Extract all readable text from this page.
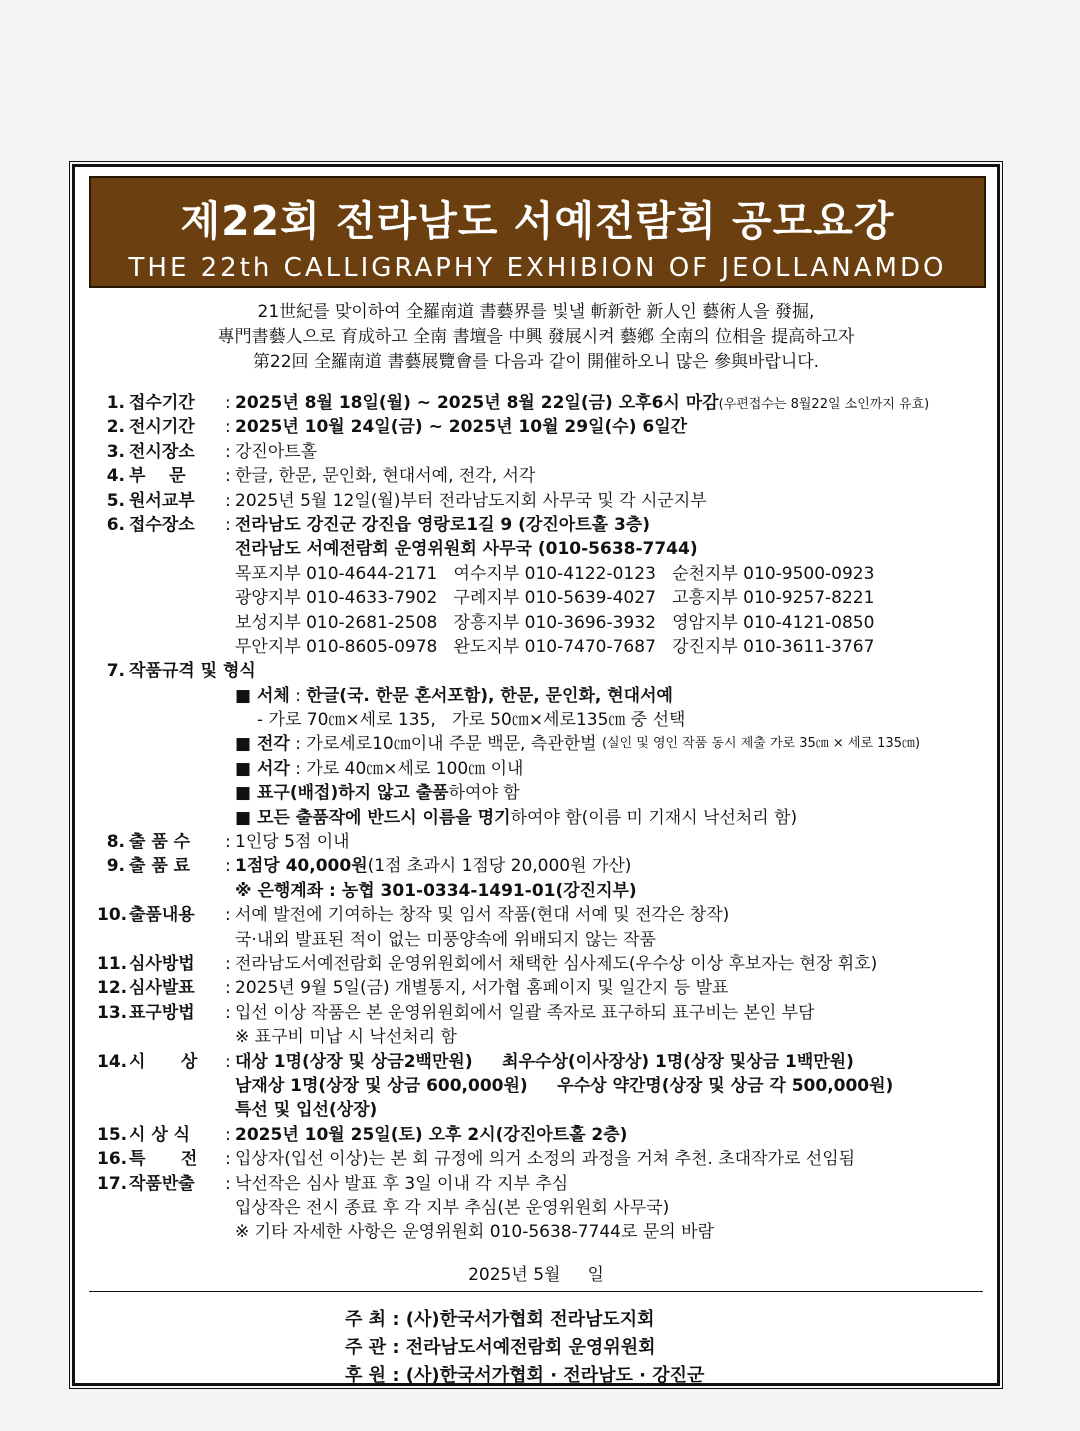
제22회 전라남도 서예전람회 공모요강
THE 22th CALLIGRAPHY EXHIBION OF JEOLLANAMDO
21世紀를 맞이하여 全羅南道 書藝界를 빛낼 斬新한 新人인 藝術人을 發掘,
專門書藝人으로 育成하고 全南 書壇을 中興 發展시켜 藝鄕 全南의 位相을 提高하고자
第22回 全羅南道 書藝展覽會를 다음과 같이 開催하오니 많은 參與바랍니다.
1. 접수기간	: 2025년 8월 18일(월) ~ 2025년 8월 22일(금) 오후6시 마감(우편접수는 8월22일 소인까지 유효)
2. 전시기간	: 2025년 10월 24일(금) ~ 2025년 10월 29일(수) 6일간
3. 전시장소	: 강진아트홀
4. 부    문	: 한글, 한문, 문인화, 현대서예, 전각, 서각
5. 원서교부	: 2025년 5월 12일(월)부터 전라남도지회 사무국 및 각 시군지부
6. 접수장소	: 전라남도 강진군 강진읍 영랑로1길 9 (강진아트홀 3층)
전라남도 서예전람회 운영위원회 사무국 (010-5638-7744)
목포지부 010-4644-2171   여수지부 010-4122-0123   순천지부 010-9500-0923
광양지부 010-4633-7902   구례지부 010-5639-4027   고흥지부 010-9257-8221
보성지부 010-2681-2508   장흥지부 010-3696-3932   영암지부 010-4121-0850
무안지부 010-8605-0978   완도지부 010-7470-7687   강진지부 010-3611-3767
7. 작품규격 및 형식
■ 서체 : 한글(국. 한문 혼서포함), 한문, 문인화, 현대서예
- 가로 70㎝×세로 135,   가로 50㎝×세로135㎝ 중 선택
■ 전각 : 가로세로10㎝이내 주문 백문, 측관한벌
(실인 및 영인 작품 동시 제출 가로 35㎝ × 세로 135㎝)
■ 서각 : 가로 40㎝×세로 100㎝ 이내
■ 표구(배접)하지 않고 출품 하여야 함
■ 모든 출품작에 반드시 이름을 명기 하여야 함(이름 미 기재시 낙선처리 함)
8. 출 품 수	: 1인당 5점 이내
9. 출 품 료	: 1점당 40,000원(1점 초과시 1점당 20,000원 가산)
※ 은행계좌 : 농협 301-0334-1491-01(강진지부)
10. 출품내용	: 서예 발전에 기여하는 창작 및 임서 작품(현대 서예 및 전각은 창작)
국·내외 발표된 적이 없는 미풍양속에 위배되지 않는 작품
11. 심사방법	: 전라남도서예전람회 운영위원회에서 채택한 심사제도(우수상 이상 후보자는 현장 휘호)
12. 심사발표	: 2025년 9월 5일(금) 개별통지, 서가협 홈페이지 및 일간지 등 발표
13. 표구방법	: 입선 이상 작품은 본 운영위원회에서 일괄 족자로 표구하되 표구비는 본인 부담
※ 표구비 미납 시 낙선처리 함
14. 시      상	: 대상 1명(상장 및 상금2백만원)     최우수상(이사장상) 1명(상장 및상금 1백만원)
남재상 1명(상장 및 상금 600,000원)     우수상 약간명(상장 및 상금 각 500,000원)
특선 및 입선(상장)
15. 시 상 식	: 2025년 10월 25일(토) 오후 2시(강진아트홀 2층)
16. 특      전	: 입상자(입선 이상)는 본 회 규정에 의거 소정의 과정을 거쳐 추천. 초대작가로 선임됨
17. 작품반출	: 낙선작은 심사 발표 후 3일 이내 각 지부 추심
입상작은 전시 종료 후 각 지부 추심(본 운영위원회 사무국)
※ 기타 자세한 사항은 운영위원회 010-5638-7744로 문의 바람
2025년 5월     일
주 최 : (사)한국서가협회 전라남도지회
주 관 : 전라남도서예전람회 운영위원회
후 원 : (사)한국서가협회 · 전라남도 · 강진군
